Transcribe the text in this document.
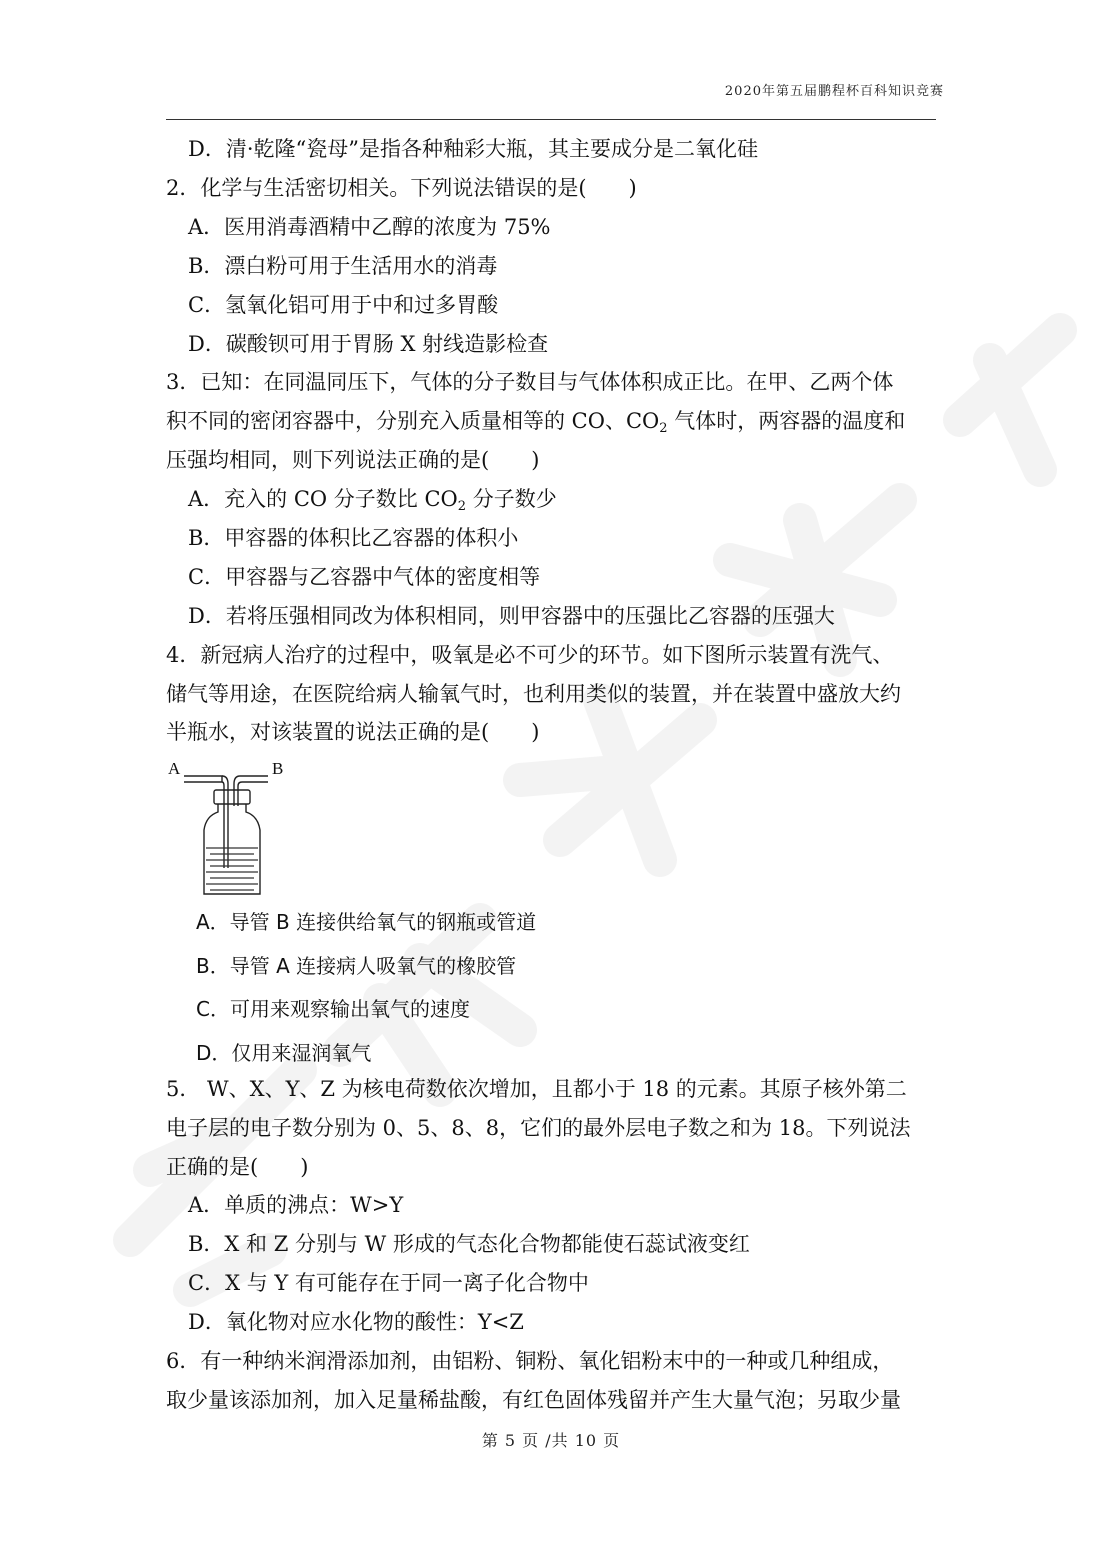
2020年第五届鹏程杯百科知识竞赛
D．清·乾隆“瓷母”是指各种釉彩大瓶，其主要成分是二氧化硅
2．化学与生活密切相关。下列说法错误的是(　　)
A．医用消毒酒精中乙醇的浓度为 75%
B．漂白粉可用于生活用水的消毒
C．氢氧化铝可用于中和过多胃酸
D．碳酸钡可用于胃肠 X 射线造影检查
3．已知：在同温同压下，气体的分子数目与气体体积成正比。在甲、乙两个体
积不同的密闭容器中，分别充入质量相等的 CO、$CO_2$ 气体时，两容器的温度和
压强均相同，则下列说法正确的是(　　)
A．充入的 CO 分子数比 $CO_2$ 分子数少
B．甲容器的体积比乙容器的体积小
C．甲容器与乙容器中气体的密度相等
D．若将压强相同改为体积相同，则甲容器中的压强比乙容器的压强大
4．新冠病人治疗的过程中，吸氧是必不可少的环节。如下图所示装置有洗气、
储气等用途，在医院给病人输氧气时，也利用类似的装置，并在装置中盛放大约
半瓶水，对该装置的说法正确的是(　　)
A	B
A．导管 B 连接供给氧气的钢瓶或管道
B．导管 A 连接病人吸氧气的橡胶管
C．可用来观察输出氧气的速度
D．仅用来湿润氧气
5． W、X、Y、Z 为核电荷数依次增加，且都小于 18 的元素。其原子核外第二
电子层的电子数分别为 0、5、8、8，它们的最外层电子数之和为 18。下列说法
正确的是(　　)
A．单质的沸点：W>Y
B．X 和 Z 分别与 W 形成的气态化合物都能使石蕊试液变红
C．X 与 Y 有可能存在于同一离子化合物中
D．氧化物对应水化物的酸性：Y<Z
6．有一种纳米润滑添加剂，由铝粉、铜粉、氧化铝粉末中的一种或几种组成，
取少量该添加剂，加入足量稀盐酸，有红色固体残留并产生大量气泡；另取少量
第 5 页 /共 10 页
